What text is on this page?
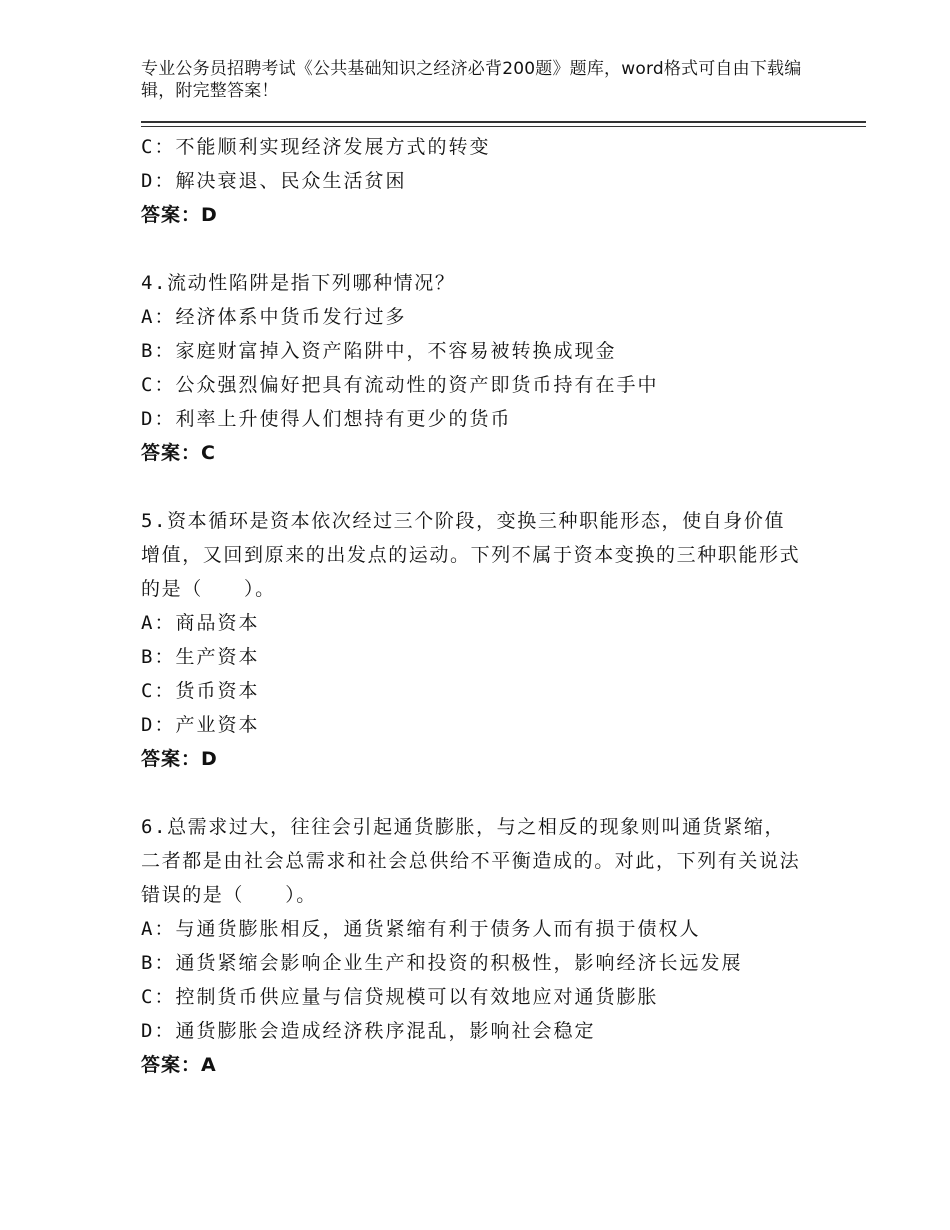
专业公务员招聘考试《公共基础知识之经济必背200题》题库，word格式可自由下载编辑，附完整答案！
C：不能顺利实现经济发展方式的转变
D：解决衰退、民众生活贫困
答案：D
4.流动性陷阱是指下列哪种情况？
A：经济体系中货币发行过多
B：家庭财富掉入资产陷阱中，不容易被转换成现金
C：公众强烈偏好把具有流动性的资产即货币持有在手中
D：利率上升使得人们想持有更少的货币
答案：C
5.资本循环是资本依次经过三个阶段，变换三种职能形态，使自身价值增值，又回到原来的出发点的运动。下列不属于资本变换的三种职能形式的是（　　）。
A：商品资本
B：生产资本
C：货币资本
D：产业资本
答案：D
6.总需求过大，往往会引起通货膨胀，与之相反的现象则叫通货紧缩，二者都是由社会总需求和社会总供给不平衡造成的。对此，下列有关说法错误的是（　　）。
A：与通货膨胀相反，通货紧缩有利于债务人而有损于债权人
B：通货紧缩会影响企业生产和投资的积极性，影响经济长远发展
C：控制货币供应量与信贷规模可以有效地应对通货膨胀
D：通货膨胀会造成经济秩序混乱，影响社会稳定
答案：A
